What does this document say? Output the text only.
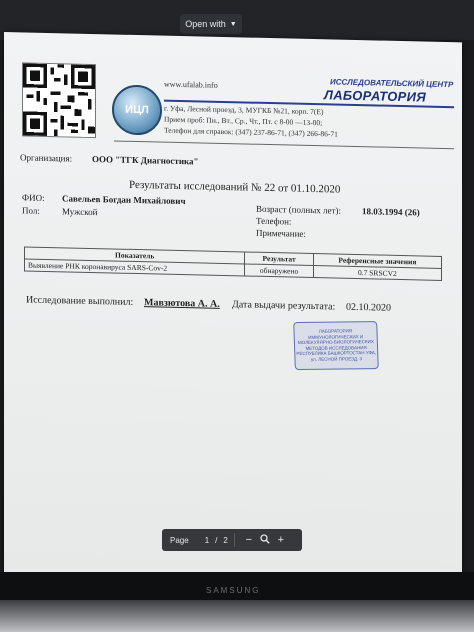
Open with ▼
ИЦЛ
www.ufalab.info	ИССЛЕДОВАТЕЛЬСКИЙ ЦЕНТР
ЛАБОРАТОРИЯ
г. Уфа, Лесной проезд, 3, МУГКБ №21, корп. 7(Е)
Прием проб: Пн., Вт., Ср., Чт., Пт. с 8-00 —13-00;
Телефон для справок: (347) 237-86-71, (347) 266-86-71
Организация: ООО "ТГК Диагностика"
Результаты исследований № 22 от 01.10.2020
ФИО: Савельев Богдан Михайлович
Пол: Мужской	Возраст (полных лет): 18.03.1994 (26)
Телефон:
Примечание:
Показатель	Результат	Референсные значения
Выявление РНК коронавируса SARS-Cov-2	обнаружено	0.7 SRSCV2
Исследование выполнил: Мавзютова А. А. Дата выдачи результата: 02.10.2020
ЛАБОРАТОРИЯ ИММУНОЛОГИЧЕСКИХ И МОЛЕКУЛЯРНО-БИОЛОГИЧЕСКИХ МЕТОДОВ ИССЛЕДОВАНИЯ РЕСПУБЛИКА БАШКОРТОСТАН УФА, ул. ЛЕСНОЙ ПРОЕЗД, 3
Page 1 / 2	−	+
SAMSUNG
